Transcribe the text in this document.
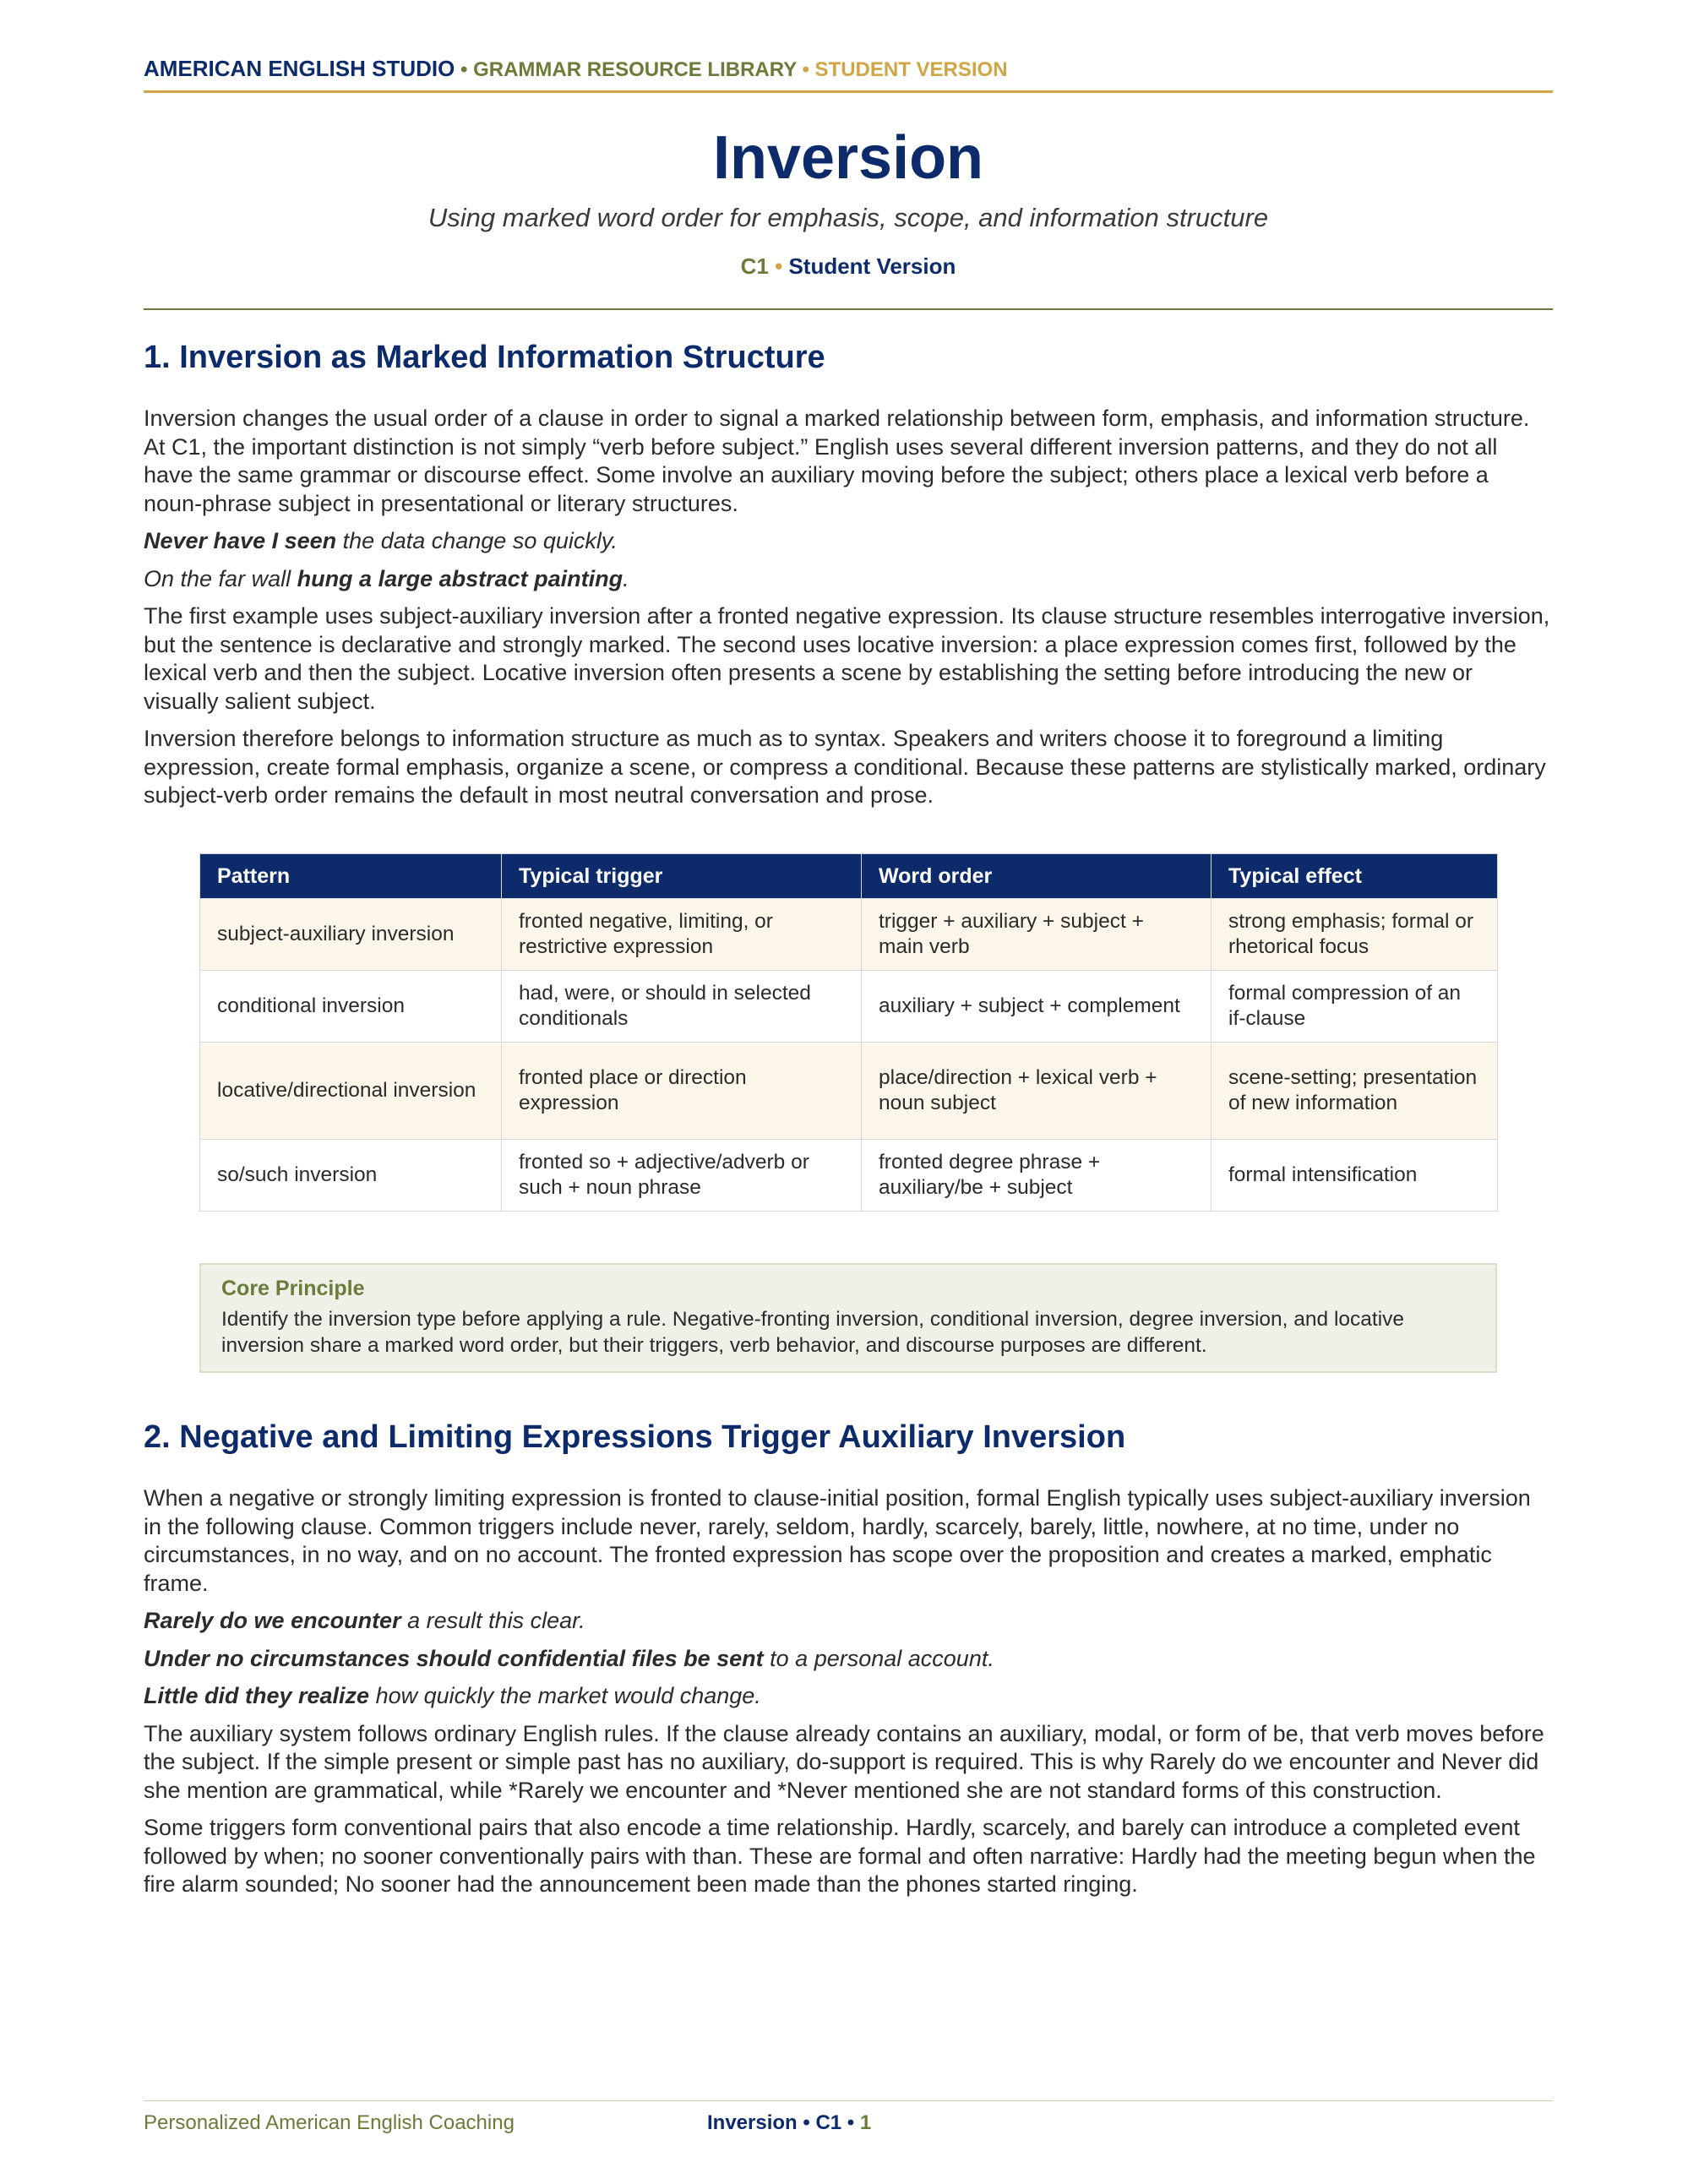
AMERICAN ENGLISH STUDIO • GRAMMAR RESOURCE LIBRARY • STUDENT VERSION
Inversion
Using marked word order for emphasis, scope, and information structure
C1 • Student Version
1. Inversion as Marked Information Structure

Inversion changes the usual order of a clause in order to signal a marked relationship between form, emphasis, and information structure. At C1, the important distinction is not simply “verb before subject.” English uses several different inversion patterns, and they do not all have the same grammar or discourse effect. Some involve an auxiliary moving before the subject; others place a lexical verb before a noun-phrase subject in presentational or literary structures.

Never have I seen the data change so quickly.

On the far wall hung a large abstract painting.

The first example uses subject-auxiliary inversion after a fronted negative expression. Its clause structure resembles interrogative inversion, but the sentence is declarative and strongly marked. The second uses locative inversion: a place expression comes first, followed by the lexical verb and then the subject. Locative inversion often presents a scene by establishing the setting before introducing the new or visually salient subject.

Inversion therefore belongs to information structure as much as to syntax. Speakers and writers choose it to foreground a limiting expression, create formal emphasis, organize a scene, or compress a conditional. Because these patterns are stylistically marked, ordinary subject-verb order remains the default in most neutral conversation and prose.

Pattern	Typical trigger	Word order	Typical effect
subject-auxiliary inversion	fronted negative, limiting, or restrictive expression	trigger + auxiliary + subject + main verb	strong emphasis; formal or rhetorical focus
conditional inversion	had, were, or should in selected conditionals	auxiliary + subject + complement	formal compression of an if-clause
locative/directional inversion	fronted place or direction expression	place/direction + lexical verb + noun subject	scene-setting; presentation of new information
so/such inversion	fronted so + adjective/adverb or such + noun phrase	fronted degree phrase + auxiliary/be + subject	formal intensification
Core Principle
Identify the inversion type before applying a rule. Negative-fronting inversion, conditional inversion, degree inversion, and locative inversion share a marked word order, but their triggers, verb behavior, and discourse purposes are different.
2. Negative and Limiting Expressions Trigger Auxiliary Inversion

When a negative or strongly limiting expression is fronted to clause-initial position, formal English typically uses subject-auxiliary inversion in the following clause. Common triggers include never, rarely, seldom, hardly, scarcely, barely, little, nowhere, at no time, under no circumstances, in no way, and on no account. The fronted expression has scope over the proposition and creates a marked, emphatic frame.

Rarely do we encounter a result this clear.

Under no circumstances should confidential files be sent to a personal account.

Little did they realize how quickly the market would change.

The auxiliary system follows ordinary English rules. If the clause already contains an auxiliary, modal, or form of be, that verb moves before the subject. If the simple present or simple past has no auxiliary, do-support is required. This is why Rarely do we encounter and Never did she mention are grammatical, while *Rarely we encounter and *Never mentioned she are not standard forms of this construction.

Some triggers form conventional pairs that also encode a time relationship. Hardly, scarcely, and barely can introduce a completed event followed by when; no sooner conventionally pairs with than. These are formal and often narrative: Hardly had the meeting begun when the fire alarm sounded; No sooner had the announcement been made than the phones started ringing.

Personalized American English Coaching	Inversion • C1 • 1
